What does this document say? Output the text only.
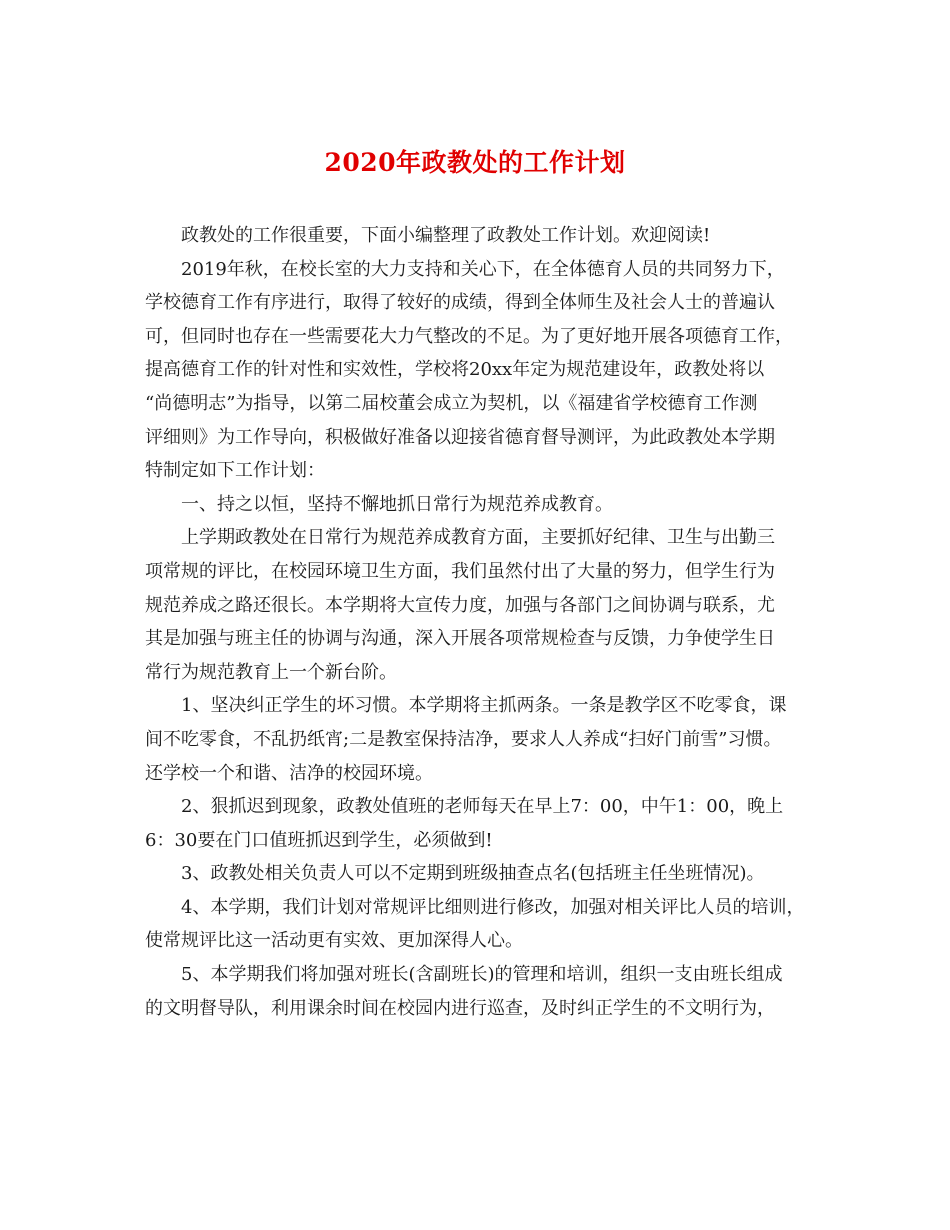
2020年政教处的工作计划

政教处的工作很重要，下面小编整理了政教处工作计划。欢迎阅读!

2019年秋，在校长室的大力支持和关心下，在全体德育人员的共同努力下，
学校德育工作有序进行，取得了较好的成绩，得到全体师生及社会人士的普遍认
可，但同时也存在一些需要花大力气整改的不足。为了更好地开展各项德育工作，
提高德育工作的针对性和实效性，学校将20xx年定为规范建设年，政教处将以
“尚德明志”为指导，以第二届校董会成立为契机，以《福建省学校德育工作测
评细则》为工作导向，积极做好准备以迎接省德育督导测评，为此政教处本学期
特制定如下工作计划：

一、持之以恒，坚持不懈地抓日常行为规范养成教育。

上学期政教处在日常行为规范养成教育方面，主要抓好纪律、卫生与出勤三
项常规的评比，在校园环境卫生方面，我们虽然付出了大量的努力，但学生行为
规范养成之路还很长。本学期将大宣传力度，加强与各部门之间协调与联系，尤
其是加强与班主任的协调与沟通，深入开展各项常规检查与反馈，力争使学生日
常行为规范教育上一个新台阶。

1、坚决纠正学生的坏习惯。本学期将主抓两条。一条是教学区不吃零食，课
间不吃零食，不乱扔纸宵;二是教室保持洁净，要求人人养成“扫好门前雪”习惯。
还学校一个和谐、洁净的校园环境。

2、狠抓迟到现象，政教处值班的老师每天在早上7：00，中午1：00，晚上
6：30要在门口值班抓迟到学生，必须做到!

3、政教处相关负责人可以不定期到班级抽查点名(包括班主任坐班情况)。

4、本学期，我们计划对常规评比细则进行修改，加强对相关评比人员的培训，
使常规评比这一活动更有实效、更加深得人心。

5、本学期我们将加强对班长(含副班长)的管理和培训，组织一支由班长组成
的文明督导队，利用课余时间在校园内进行巡查，及时纠正学生的不文明行为，
